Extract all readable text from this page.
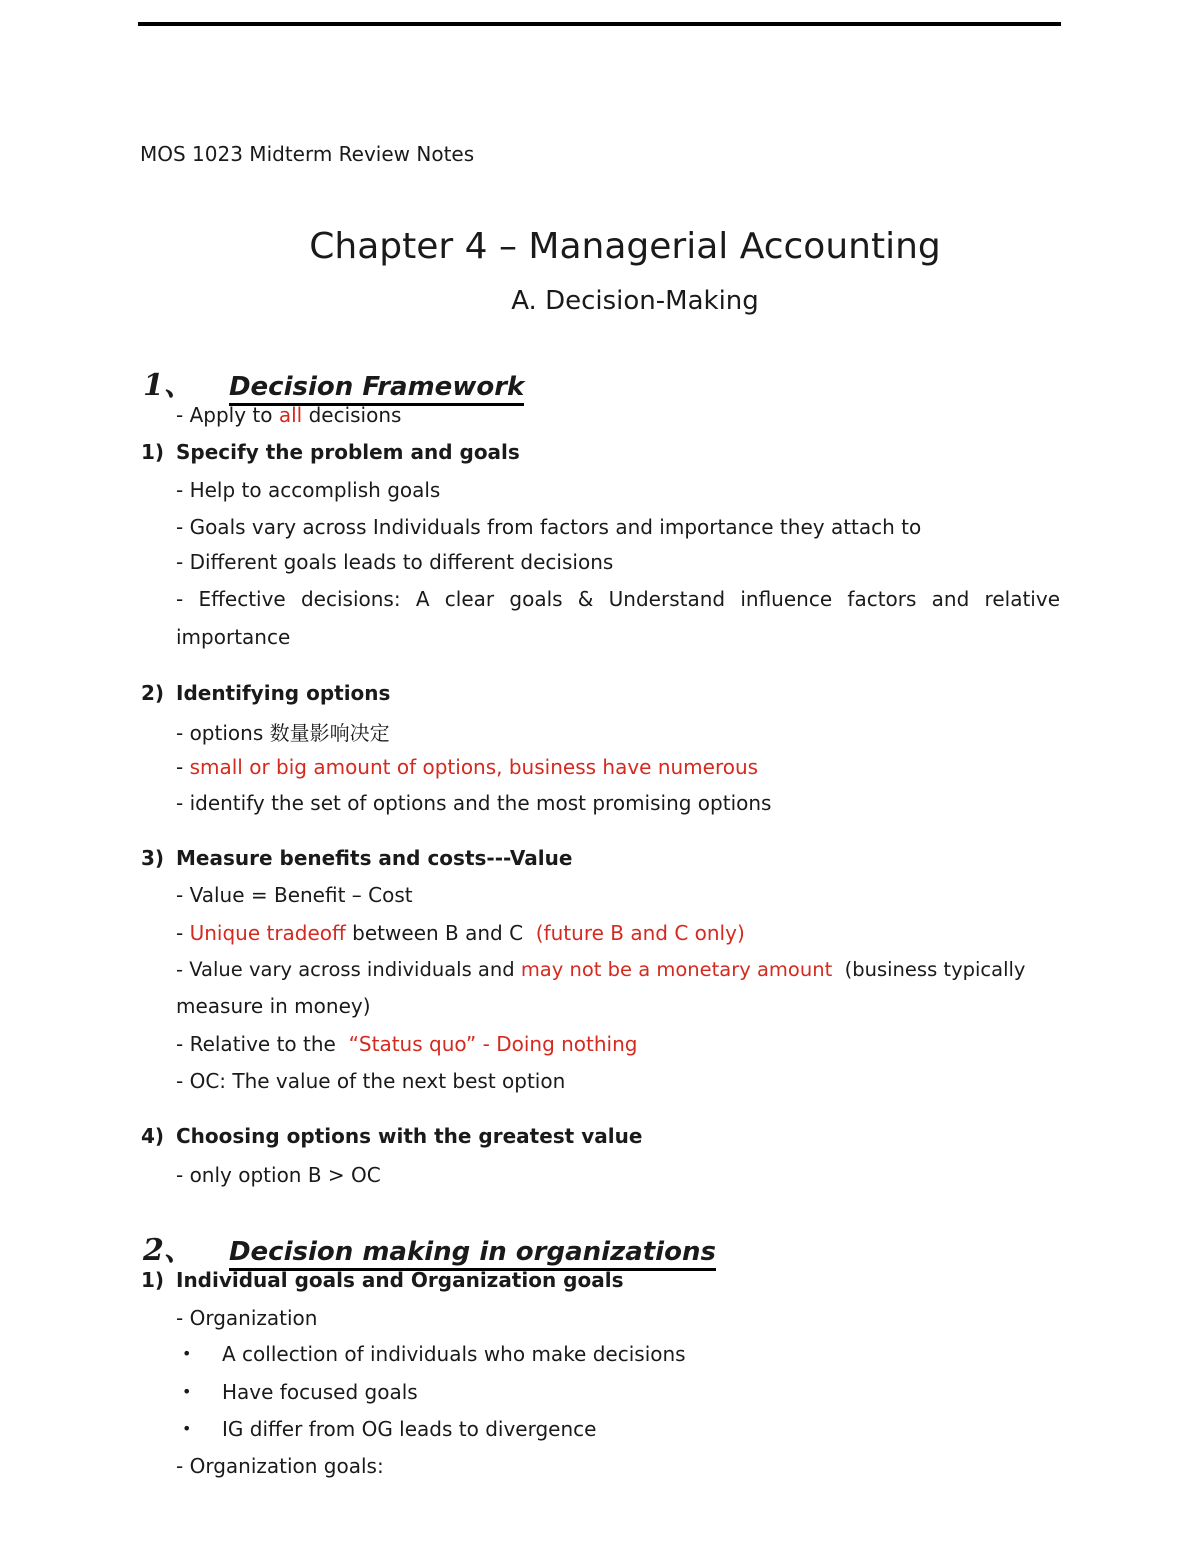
MOS 1023 Midterm Review Notes
Chapter 4 – Managerial Accounting
A. Decision-Making
1、 Decision Framework
- Apply to all decisions
1) Specify the problem and goals
- Help to accomplish goals
- Goals vary across Individuals from factors and importance they attach to
- Different goals leads to different decisions
- Effective decisions: A clear goals & Understand influence factors and relative
importance
2) Identifying options
- options 数量影响决定
- small or big amount of options, business have numerous
- identify the set of options and the most promising options
3) Measure benefits and costs---Value
- Value = Benefit – Cost
- Unique tradeoff between B and C  (future B and C only)
- Value vary across individuals and may not be a monetary amount  (business typically
measure in money)
- Relative to the  “Status quo” - Doing nothing
- OC: The value of the next best option
4) Choosing options with the greatest value
- only option B > OC
2、 Decision making in organizations
1) Individual goals and Organization goals
- Organization
• A collection of individuals who make decisions
• Have focused goals
• IG differ from OG leads to divergence
- Organization goals:
